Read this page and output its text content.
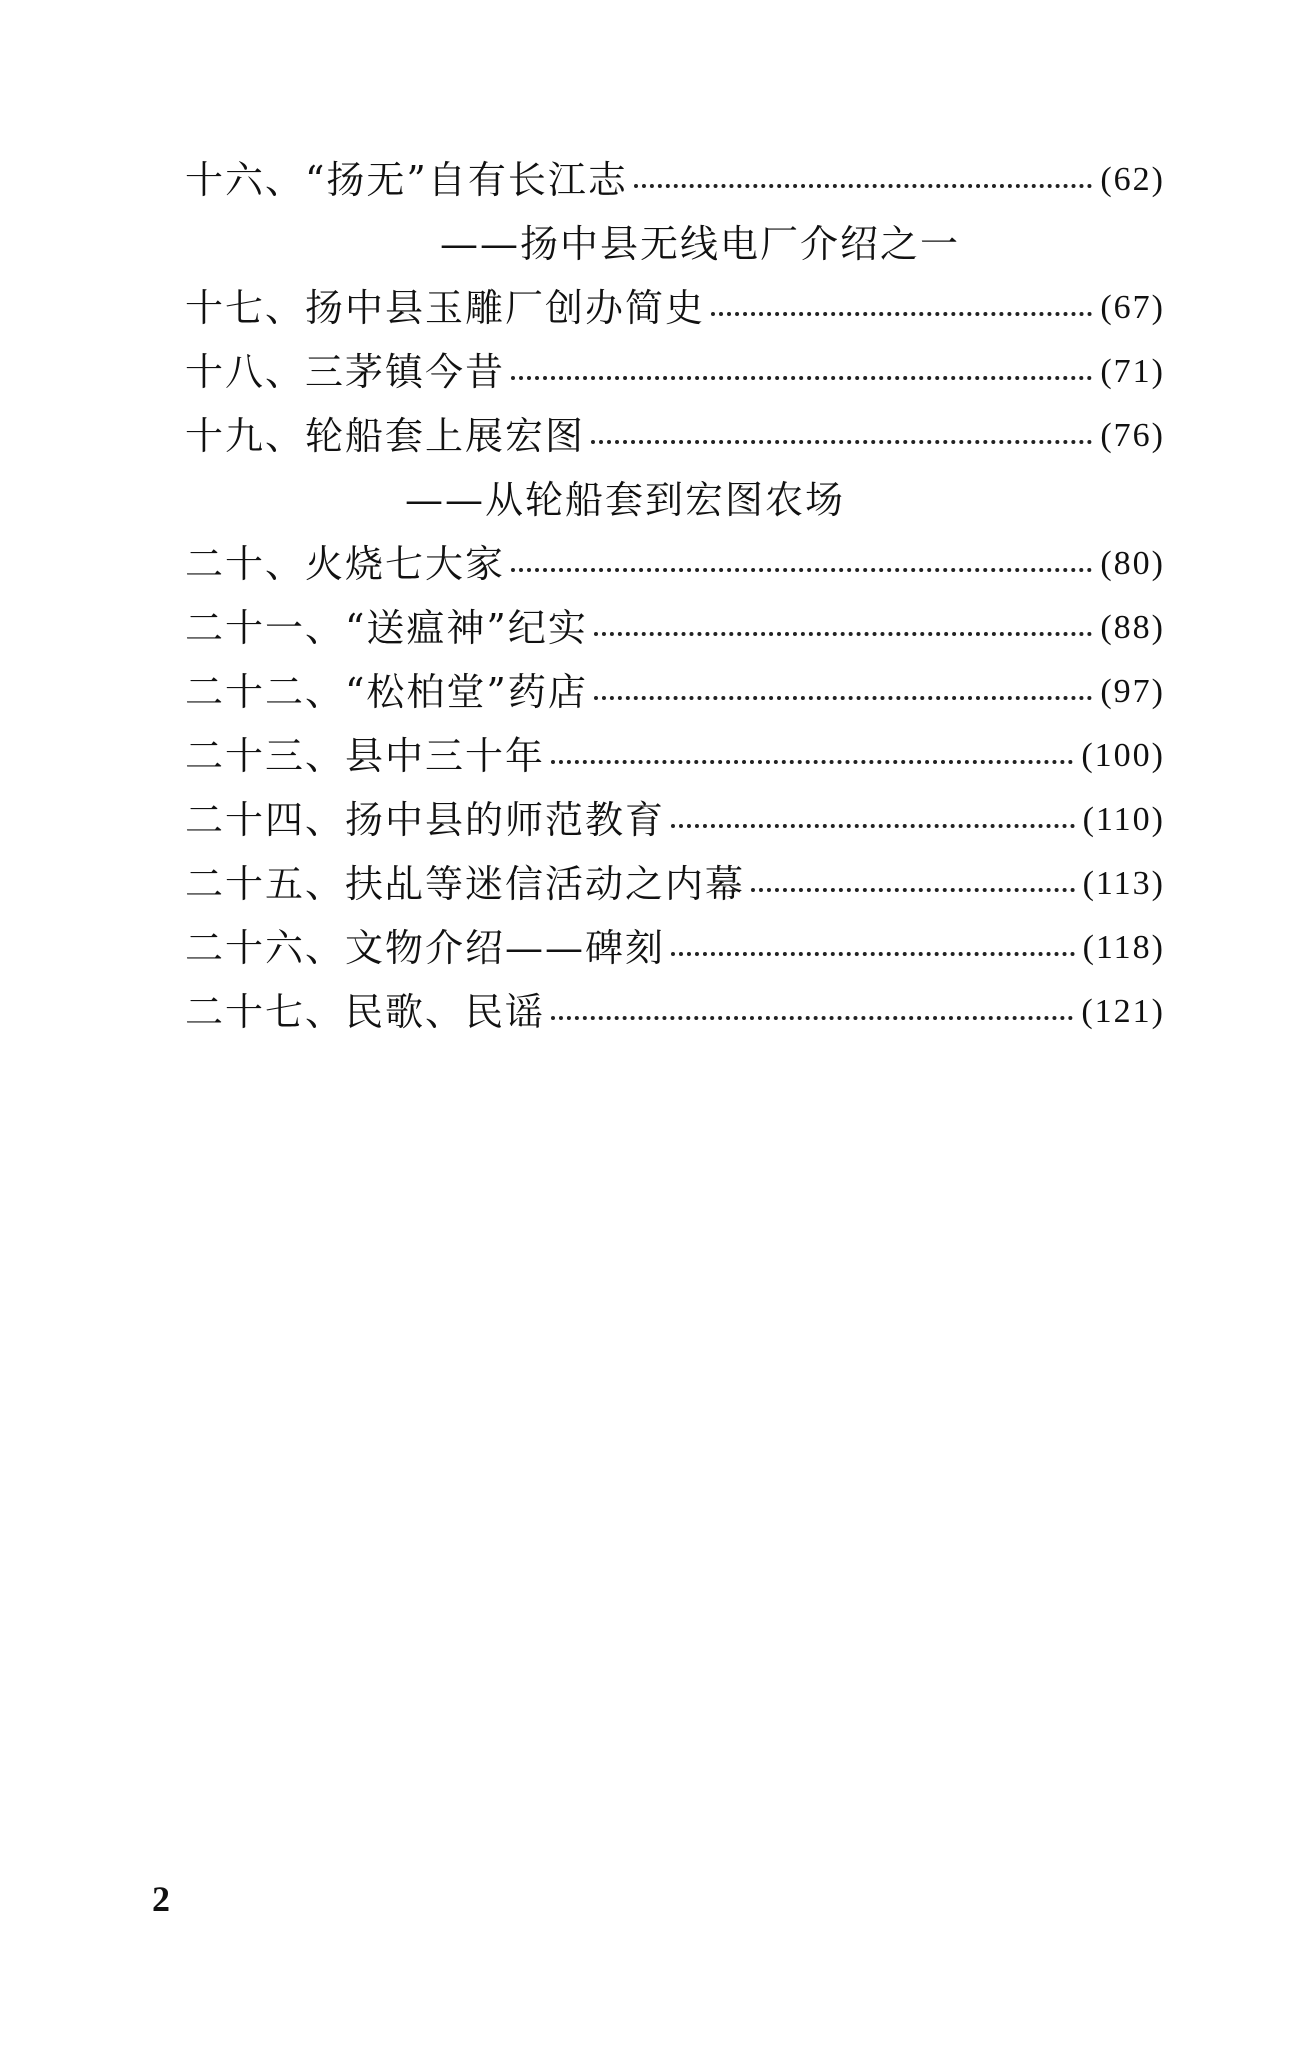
十六、“扬无”自有长江志	(62)
——扬中县无线电厂介绍之一
十七、扬中县玉雕厂创办简史	(67)
十八、三茅镇今昔	(71)
十九、轮船套上展宏图	(76)
——从轮船套到宏图农场
二十、火烧七大家	(80)
二十一、“送瘟神”纪实	(88)
二十二、“松柏堂”药店	(97)
二十三、县中三十年	(100)
二十四、扬中县的师范教育	(110)
二十五、扶乩等迷信活动之内幕	(113)
二十六、文物介绍——碑刻	(118)
二十七、民歌、民谣	(121)
2
